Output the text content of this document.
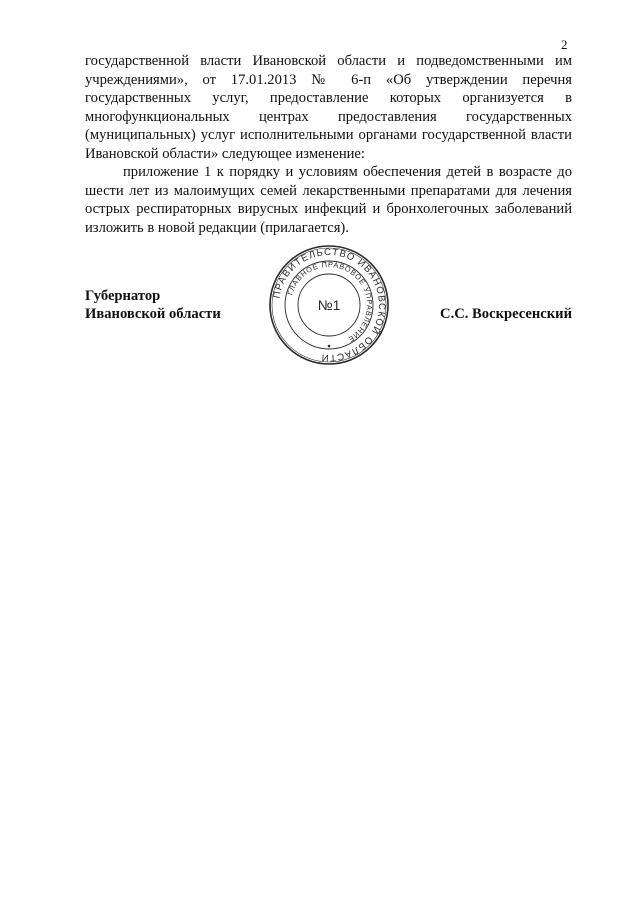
2

государственной власти Ивановской области и подведомственными им учреждениями», от 17.01.2013 № 6-п «Об утверждении перечня государственных услуг, предоставление которых организуется в многофункциональных центрах предоставления государственных (муниципальных) услуг исполнительными органами государственной власти Ивановской области» следующее изменение:

приложение 1 к порядку и условиям обеспечения детей в возрасте до шести лет из малоимущих семей лекарственными препаратами для лечения острых респираторных вирусных инфекций и бронхолегочных заболеваний изложить в новой редакции (прилагается).

Губернатор
Ивановской области	С.С. Воскресенский
ПРАВИТЕЛЬСТВО ИВАНОВСКОЙ ОБЛАСТИ
ГЛАВНОЕ ПРАВОВОЕ УПРАВЛЕНИЕ
№1
